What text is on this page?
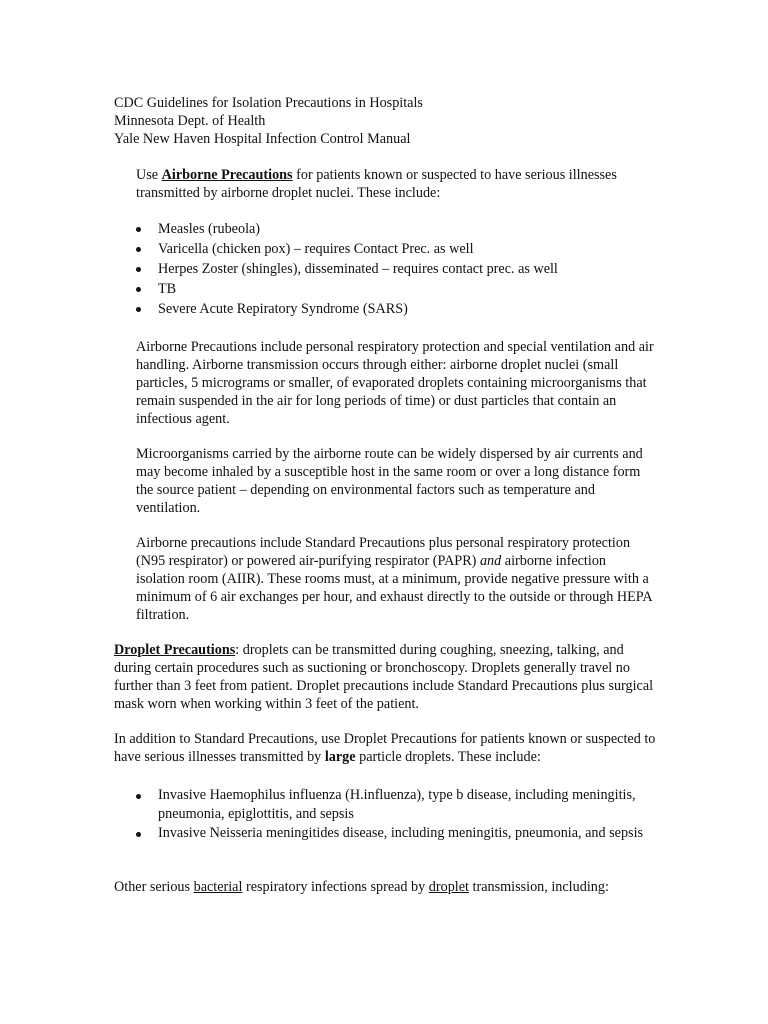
CDC Guidelines for Isolation Precautions in Hospitals
Minnesota Dept. of Health
Yale New Haven Hospital Infection Control Manual

Use Airborne Precautions for patients known or suspected to have serious illnesses transmitted by airborne droplet nuclei. These include:

Measles (rubeola)
Varicella (chicken pox) – requires Contact Prec. as well
Herpes Zoster (shingles), disseminated – requires contact prec. as well
TB
Severe Acute Repiratory Syndrome (SARS)

Airborne Precautions include personal respiratory protection and special ventilation and air handling. Airborne transmission occurs through either: airborne droplet nuclei (small particles, 5 micrograms or smaller, of evaporated droplets containing microorganisms that remain suspended in the air for long periods of time) or dust particles that contain an infectious agent.

Microorganisms carried by the airborne route can be widely dispersed by air currents and may become inhaled by a susceptible host in the same room or over a long distance form the source patient – depending on environmental factors such as temperature and ventilation.

Airborne precautions include Standard Precautions plus personal respiratory protection (N95 respirator) or powered air-purifying respirator (PAPR) and airborne infection isolation room (AIIR). These rooms must, at a minimum, provide negative pressure with a minimum of 6 air exchanges per hour, and exhaust directly to the outside or through HEPA filtration.

Droplet Precautions: droplets can be transmitted during coughing, sneezing, talking, and during certain procedures such as suctioning or bronchoscopy. Droplets generally travel no further than 3 feet from patient. Droplet precautions include Standard Precautions plus surgical mask worn when working within 3 feet of the patient.

In addition to Standard Precautions, use Droplet Precautions for patients known or suspected to have serious illnesses transmitted by large particle droplets. These include:

Invasive Haemophilus influenza (H.influenza), type b disease, including meningitis, pneumonia, epiglottitis, and sepsis
Invasive Neisseria meningitides disease, including meningitis, pneumonia, and sepsis

Other serious bacterial respiratory infections spread by droplet transmission, including:
